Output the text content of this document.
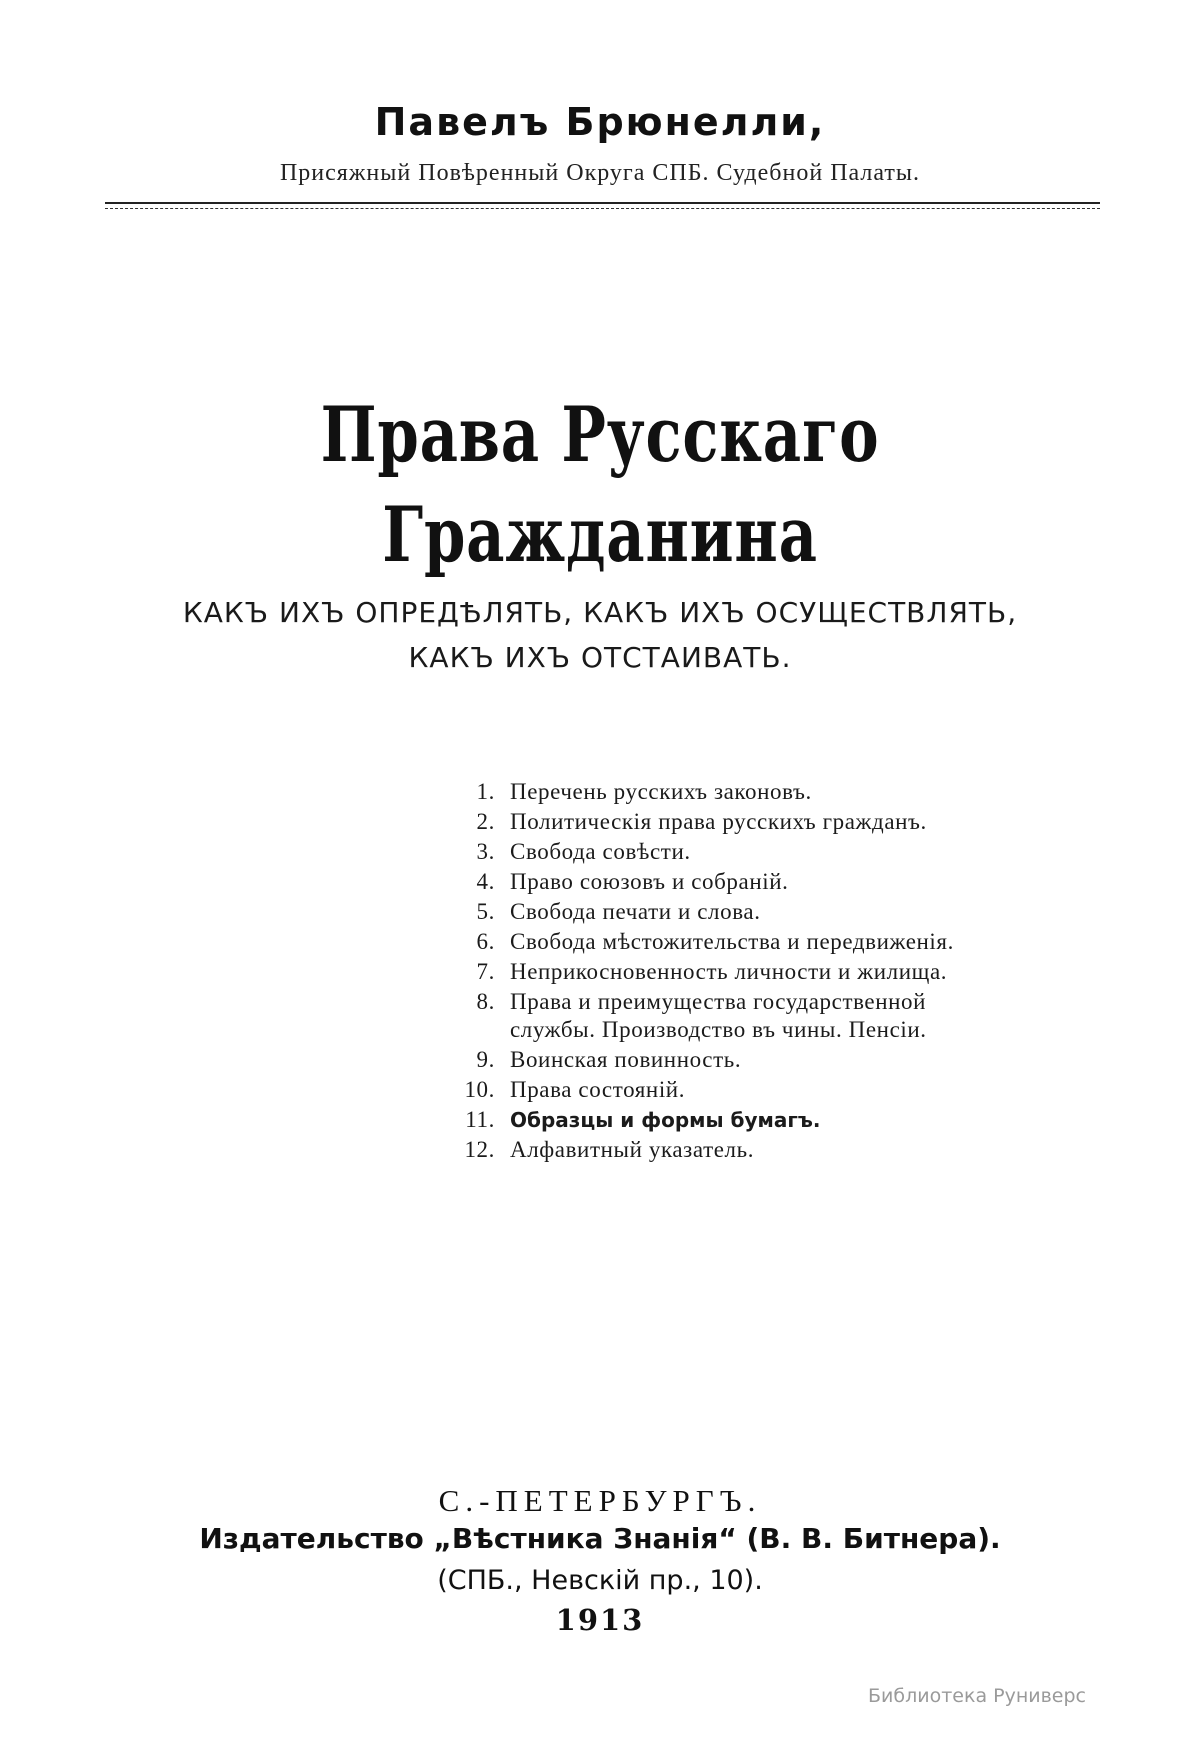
Павелъ Брюнелли,
Присяжный Повѣренный Округа СПБ. Судебной Палаты.
Права Русскаго Гражданина
КАКЪ ИХЪ ОПРЕДѢЛЯТЬ, КАКЪ ИХЪ ОСУЩЕСТВЛЯТЬ,
КАКЪ ИХЪ ОТСТАИВАТЬ.
1. Перечень русскихъ законовъ.
2. Политическія права русскихъ гражданъ.
3. Свобода совѣсти.
4. Право союзовъ и собраній.
5. Свобода печати и слова.
6. Свобода мѣстожительства и передвиженія.
7. Неприкосновенность личности и жилища.
8. Права и преимущества государственной
службы. Производство въ чины. Пенсіи.
9. Воинская повинность.
10. Права состояній.
11. Образцы и формы бумагъ.
12. Алфавитный указатель.
С.-ПЕТЕРБУРГЪ.
Издательство „Вѣстника Знанія“ (В. В. Битнера).
(СПБ., Невскій пр., 10).
1913
Библиотека Руниверс
